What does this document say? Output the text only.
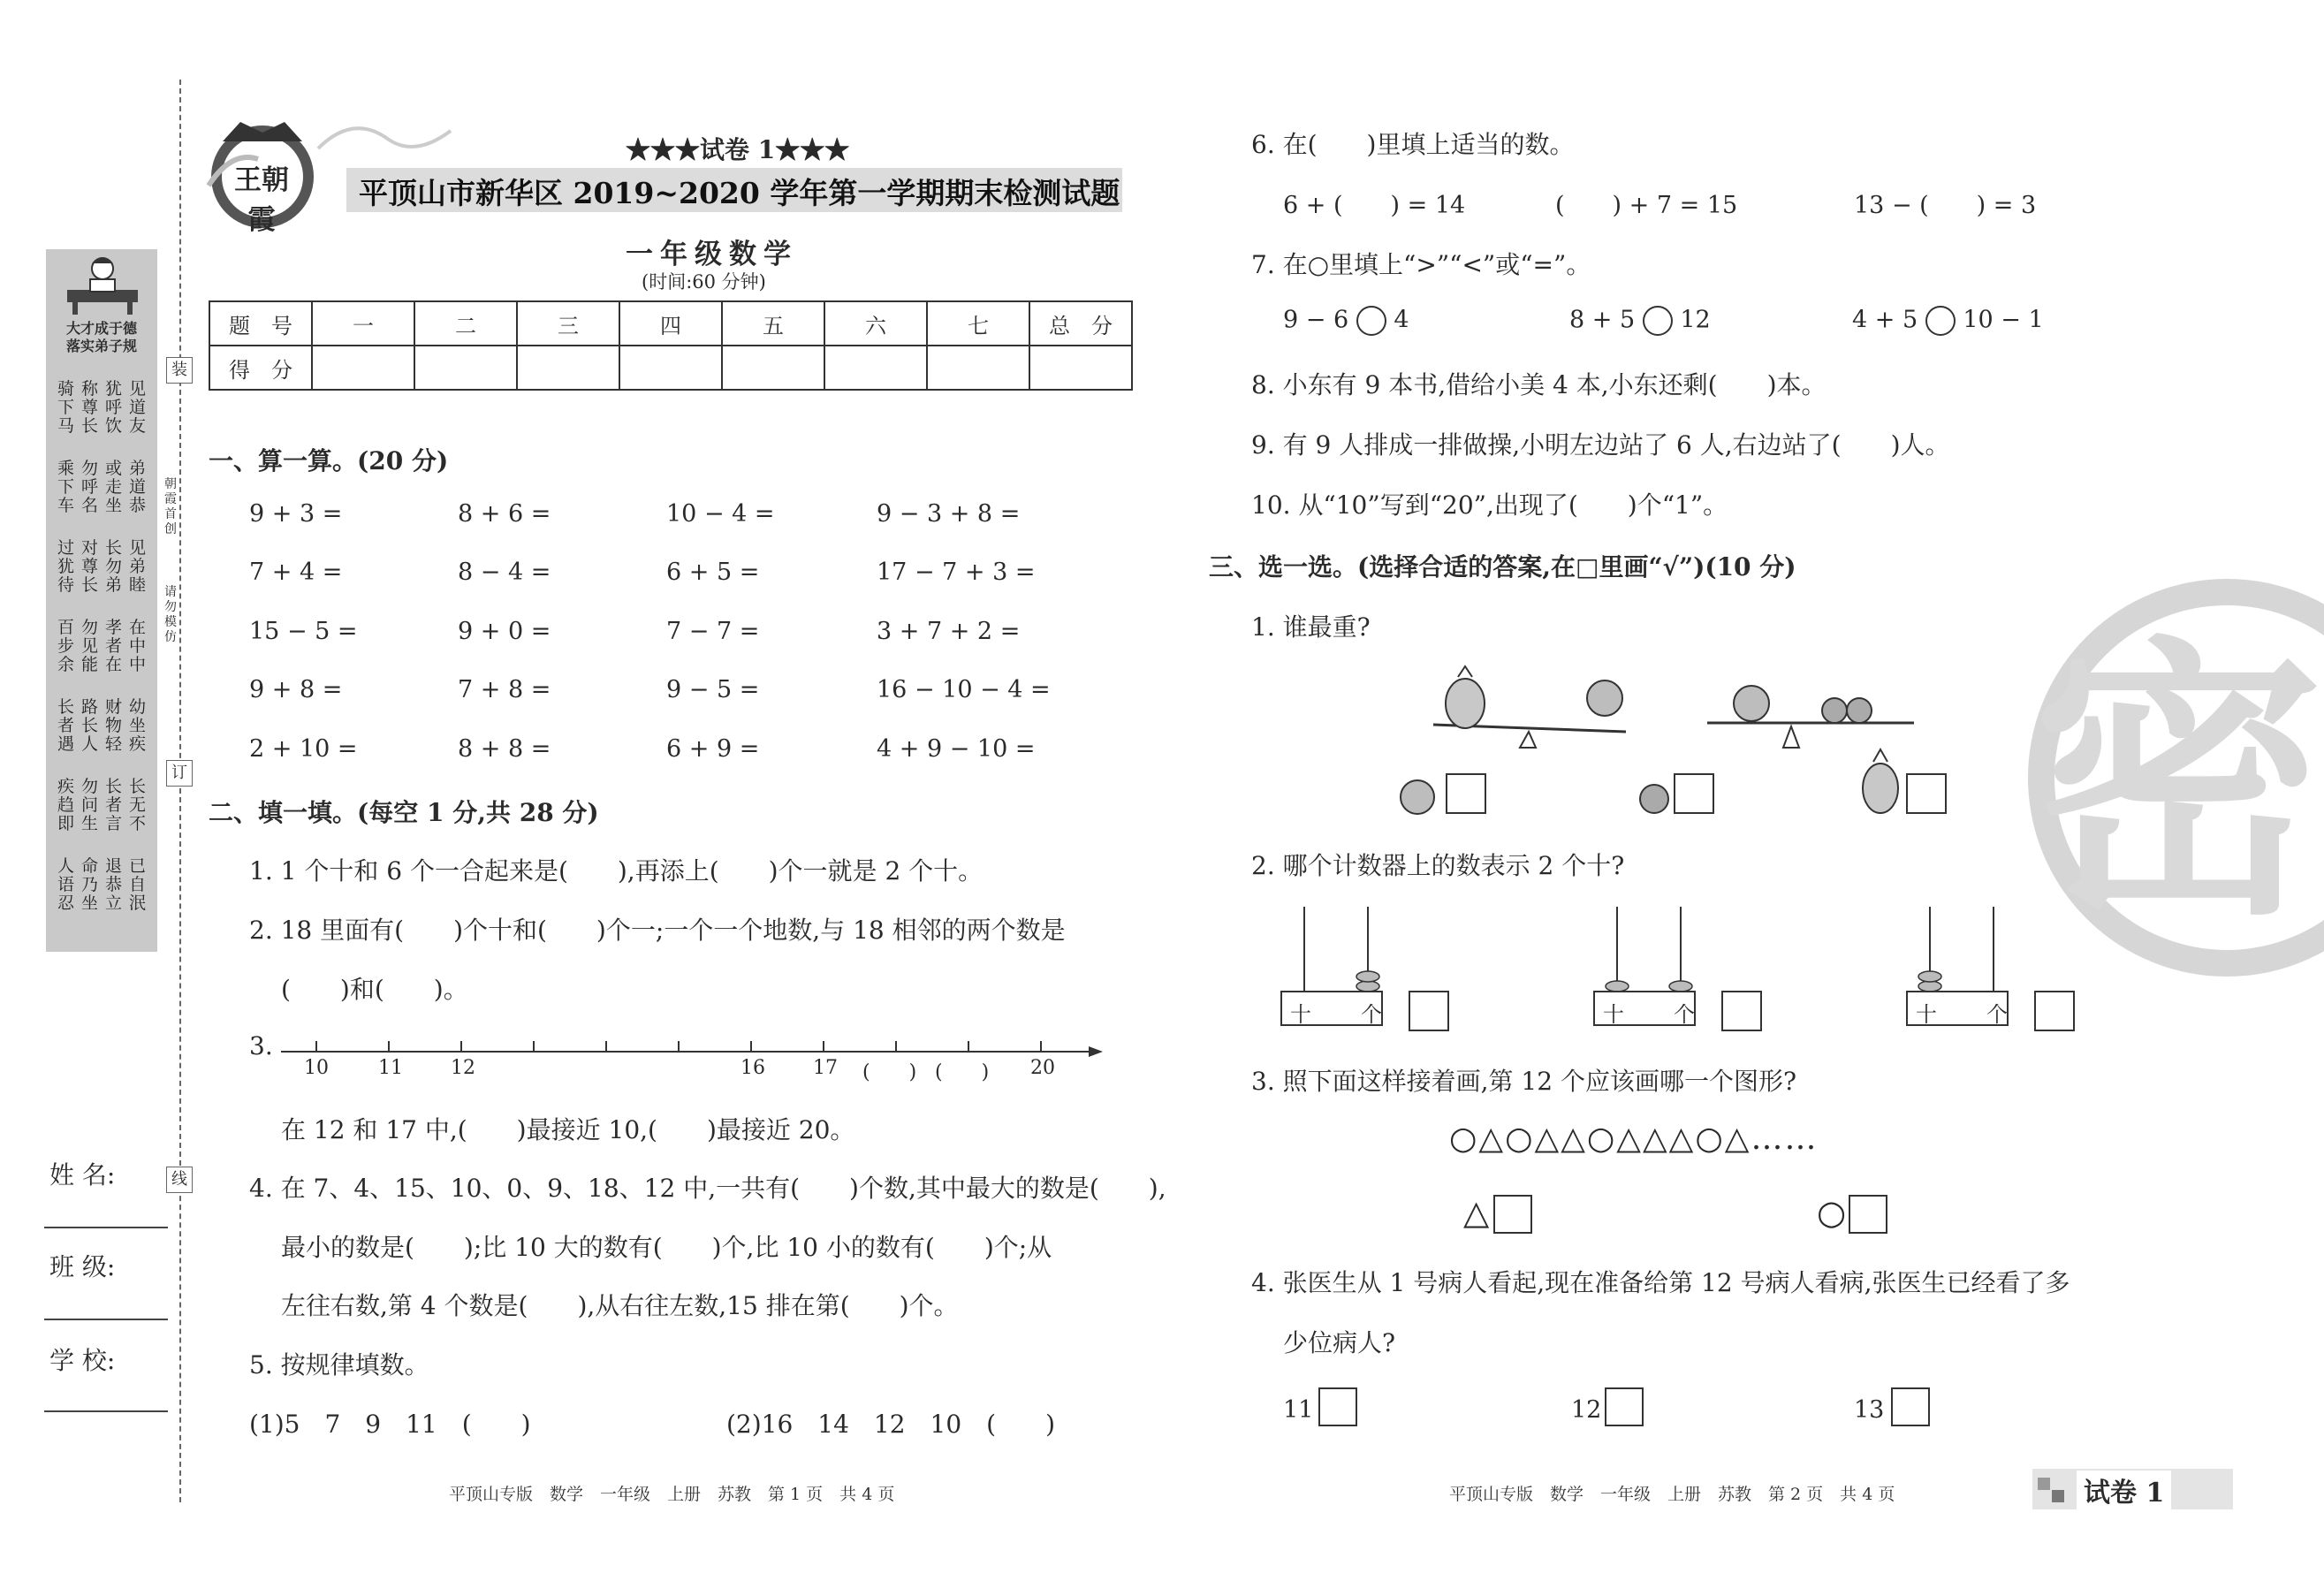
大才成于德
落实弟子规
骑下马
称尊长
犹呼饮
见道友
乘下车
勿呼名
或走坐
弟道恭
过犹待
对尊长
长勿弟
见弟睦
百步余
勿见能
孝者在
在中中
长者遇
路长人
财物轻
幼坐疾
疾趋即
勿问生
长者言
长无不
人语忍
命乃坐
退恭立
已自泯
装
订
线
朝霞首创
请勿模仿
姓 名:
班 级:
学 校:
王朝霞
★★★试卷 1★★★
平顶山市新华区 2019~2020 学年第一学期期末检测试题
一年级数学
(时间:60 分钟)
题　号	一	二	三	四	五	六	七	总　分
得　分								
一、算一算。(20 分)
9 + 3 =	8 + 6 =	10 − 4 =	9 − 3 + 8 =
7 + 4 =	8 − 4 =	6 + 5 =	17 − 7 + 3 =
15 − 5 =	9 + 0 =	7 − 7 =	3 + 7 + 2 =
9 + 8 =	7 + 8 =	9 − 5 =	16 − 10 − 4 =
2 + 10 =	8 + 8 =	6 + 9 =	4 + 9 − 10 =
二、填一填。(每空 1 分,共 28 分)
1. 1 个十和 6 个一合起来是(　　),再添上(　　)个一就是 2 个十。
2. 18 里面有(　　)个十和(　　)个一;一个一个地数,与 18 相邻的两个数是
(　　)和(　　)。
3.
10	11 12	16 17 (　　) (　　) 20
在 12 和 17 中,(　　)最接近 10,(　　)最接近 20。
4. 在 7、4、15、10、0、9、18、12 中,一共有(　　)个数,其中最大的数是(　　),
最小的数是(　　);比 10 大的数有(　　)个,比 10 小的数有(　　)个;从
左往右数,第 4 个数是(　　),从右往左数,15 排在第(　　)个。
5. 按规律填数。
(1)5　7　9　11　(　　)	(2)16　14　12　10　(　　)
平顶山专版　数学　一年级　上册　苏教　第 1 页　共 4 页
6. 在(　　)里填上适当的数。
6 + (　　) = 14	(　　) + 7 = 15	13 − (　　) = 3
7. 在○里填上“>”“<”或“=”。
9 − 6 4	8 + 5 12	4 + 5 10 − 1
8. 小东有 9 本书,借给小美 4 本,小东还剩(　　)本。
9. 有 9 人排成一排做操,小明左边站了 6 人,右边站了(　　)人。
10. 从“10”写到“20”,出现了(　　)个“1”。
三、选一选。(选择合适的答案,在□里画“√”)(10 分)
1. 谁最重?
2. 哪个计数器上的数表示 2 个十?
十 个	十 个	十 个
3. 照下面这样接着画,第 12 个应该画哪一个图形?
○△○△△○△△△○△……
△	○
4. 张医生从 1 号病人看起,现在准备给第 12 号病人看病,张医生已经看了多
少位病人?
11	12	13
平顶山专版　数学　一年级　上册　苏教　第 2 页　共 4 页	试卷 1
密
